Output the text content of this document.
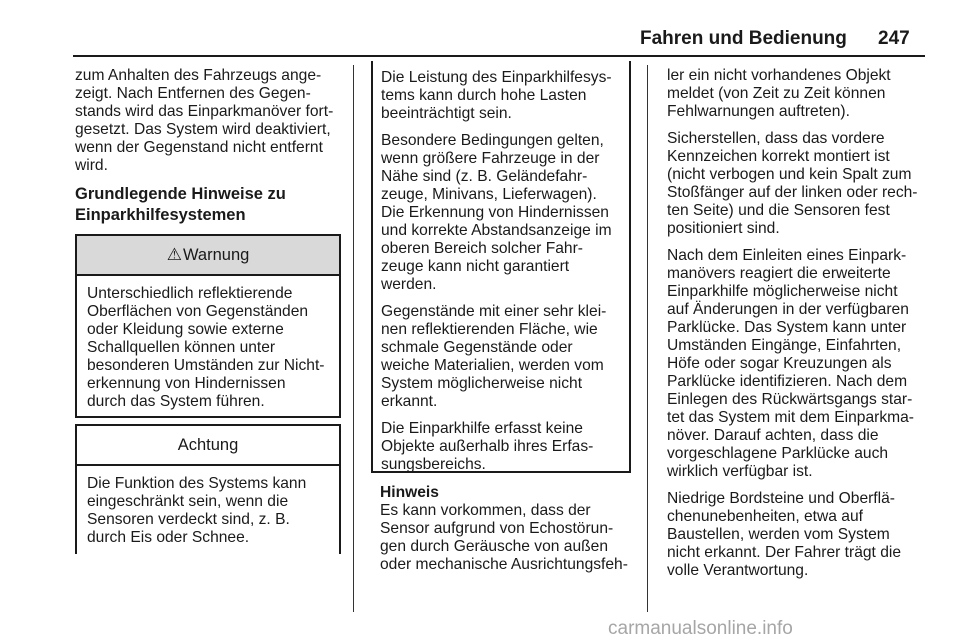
Fahren und Bedienung 247

zum Anhalten des Fahrzeugs ange-
zeigt. Nach Entfernen des Gegen-
stands wird das Einparkmanöver fort-
gesetzt. Das System wird deaktiviert,
wenn der Gegenstand nicht entfernt
wird.

Grundlegende Hinweise zu
Einparkhilfesystemen
⚠Warnung
Unterschiedlich reflektierende
Oberflächen von Gegenständen
oder Kleidung sowie externe
Schallquellen können unter
besonderen Umständen zur Nicht-
erkennung von Hindernissen
durch das System führen.
Achtung
Die Funktion des Systems kann
eingeschränkt sein, wenn die
Sensoren verdeckt sind, z. B.
durch Eis oder Schnee.

Die Leistung des Einparkhilfesys-
tems kann durch hohe Lasten
beeinträchtigt sein.

Besondere Bedingungen gelten,
wenn größere Fahrzeuge in der
Nähe sind (z. B. Geländefahr-
zeuge, Minivans, Lieferwagen).
Die Erkennung von Hindernissen
und korrekte Abstandsanzeige im
oberen Bereich solcher Fahr-
zeuge kann nicht garantiert
werden.

Gegenstände mit einer sehr klei-
nen reflektierenden Fläche, wie
schmale Gegenstände oder
weiche Materialien, werden vom
System möglicherweise nicht
erkannt.

Die Einparkhilfe erfasst keine
Objekte außerhalb ihres Erfas-
sungsbereichs.

Hinweis
Es kann vorkommen, dass der
Sensor aufgrund von Echostörun-
gen durch Geräusche von außen
oder mechanische Ausrichtungsfeh-

ler ein nicht vorhandenes Objekt
meldet (von Zeit zu Zeit können
Fehlwarnungen auftreten).

Sicherstellen, dass das vordere
Kennzeichen korrekt montiert ist
(nicht verbogen und kein Spalt zum
Stoßfänger auf der linken oder rech-
ten Seite) und die Sensoren fest
positioniert sind.

Nach dem Einleiten eines Einpark-
manövers reagiert die erweiterte
Einparkhilfe möglicherweise nicht
auf Änderungen in der verfügbaren
Parklücke. Das System kann unter
Umständen Eingänge, Einfahrten,
Höfe oder sogar Kreuzungen als
Parklücke identifizieren. Nach dem
Einlegen des Rückwärtsgangs star-
tet das System mit dem Einparkma-
növer. Darauf achten, dass die
vorgeschlagene Parklücke auch
wirklich verfügbar ist.

Niedrige Bordsteine und Oberflä-
chenunebenheiten, etwa auf
Baustellen, werden vom System
nicht erkannt. Der Fahrer trägt die
volle Verantwortung.

carmanualsonline.info
